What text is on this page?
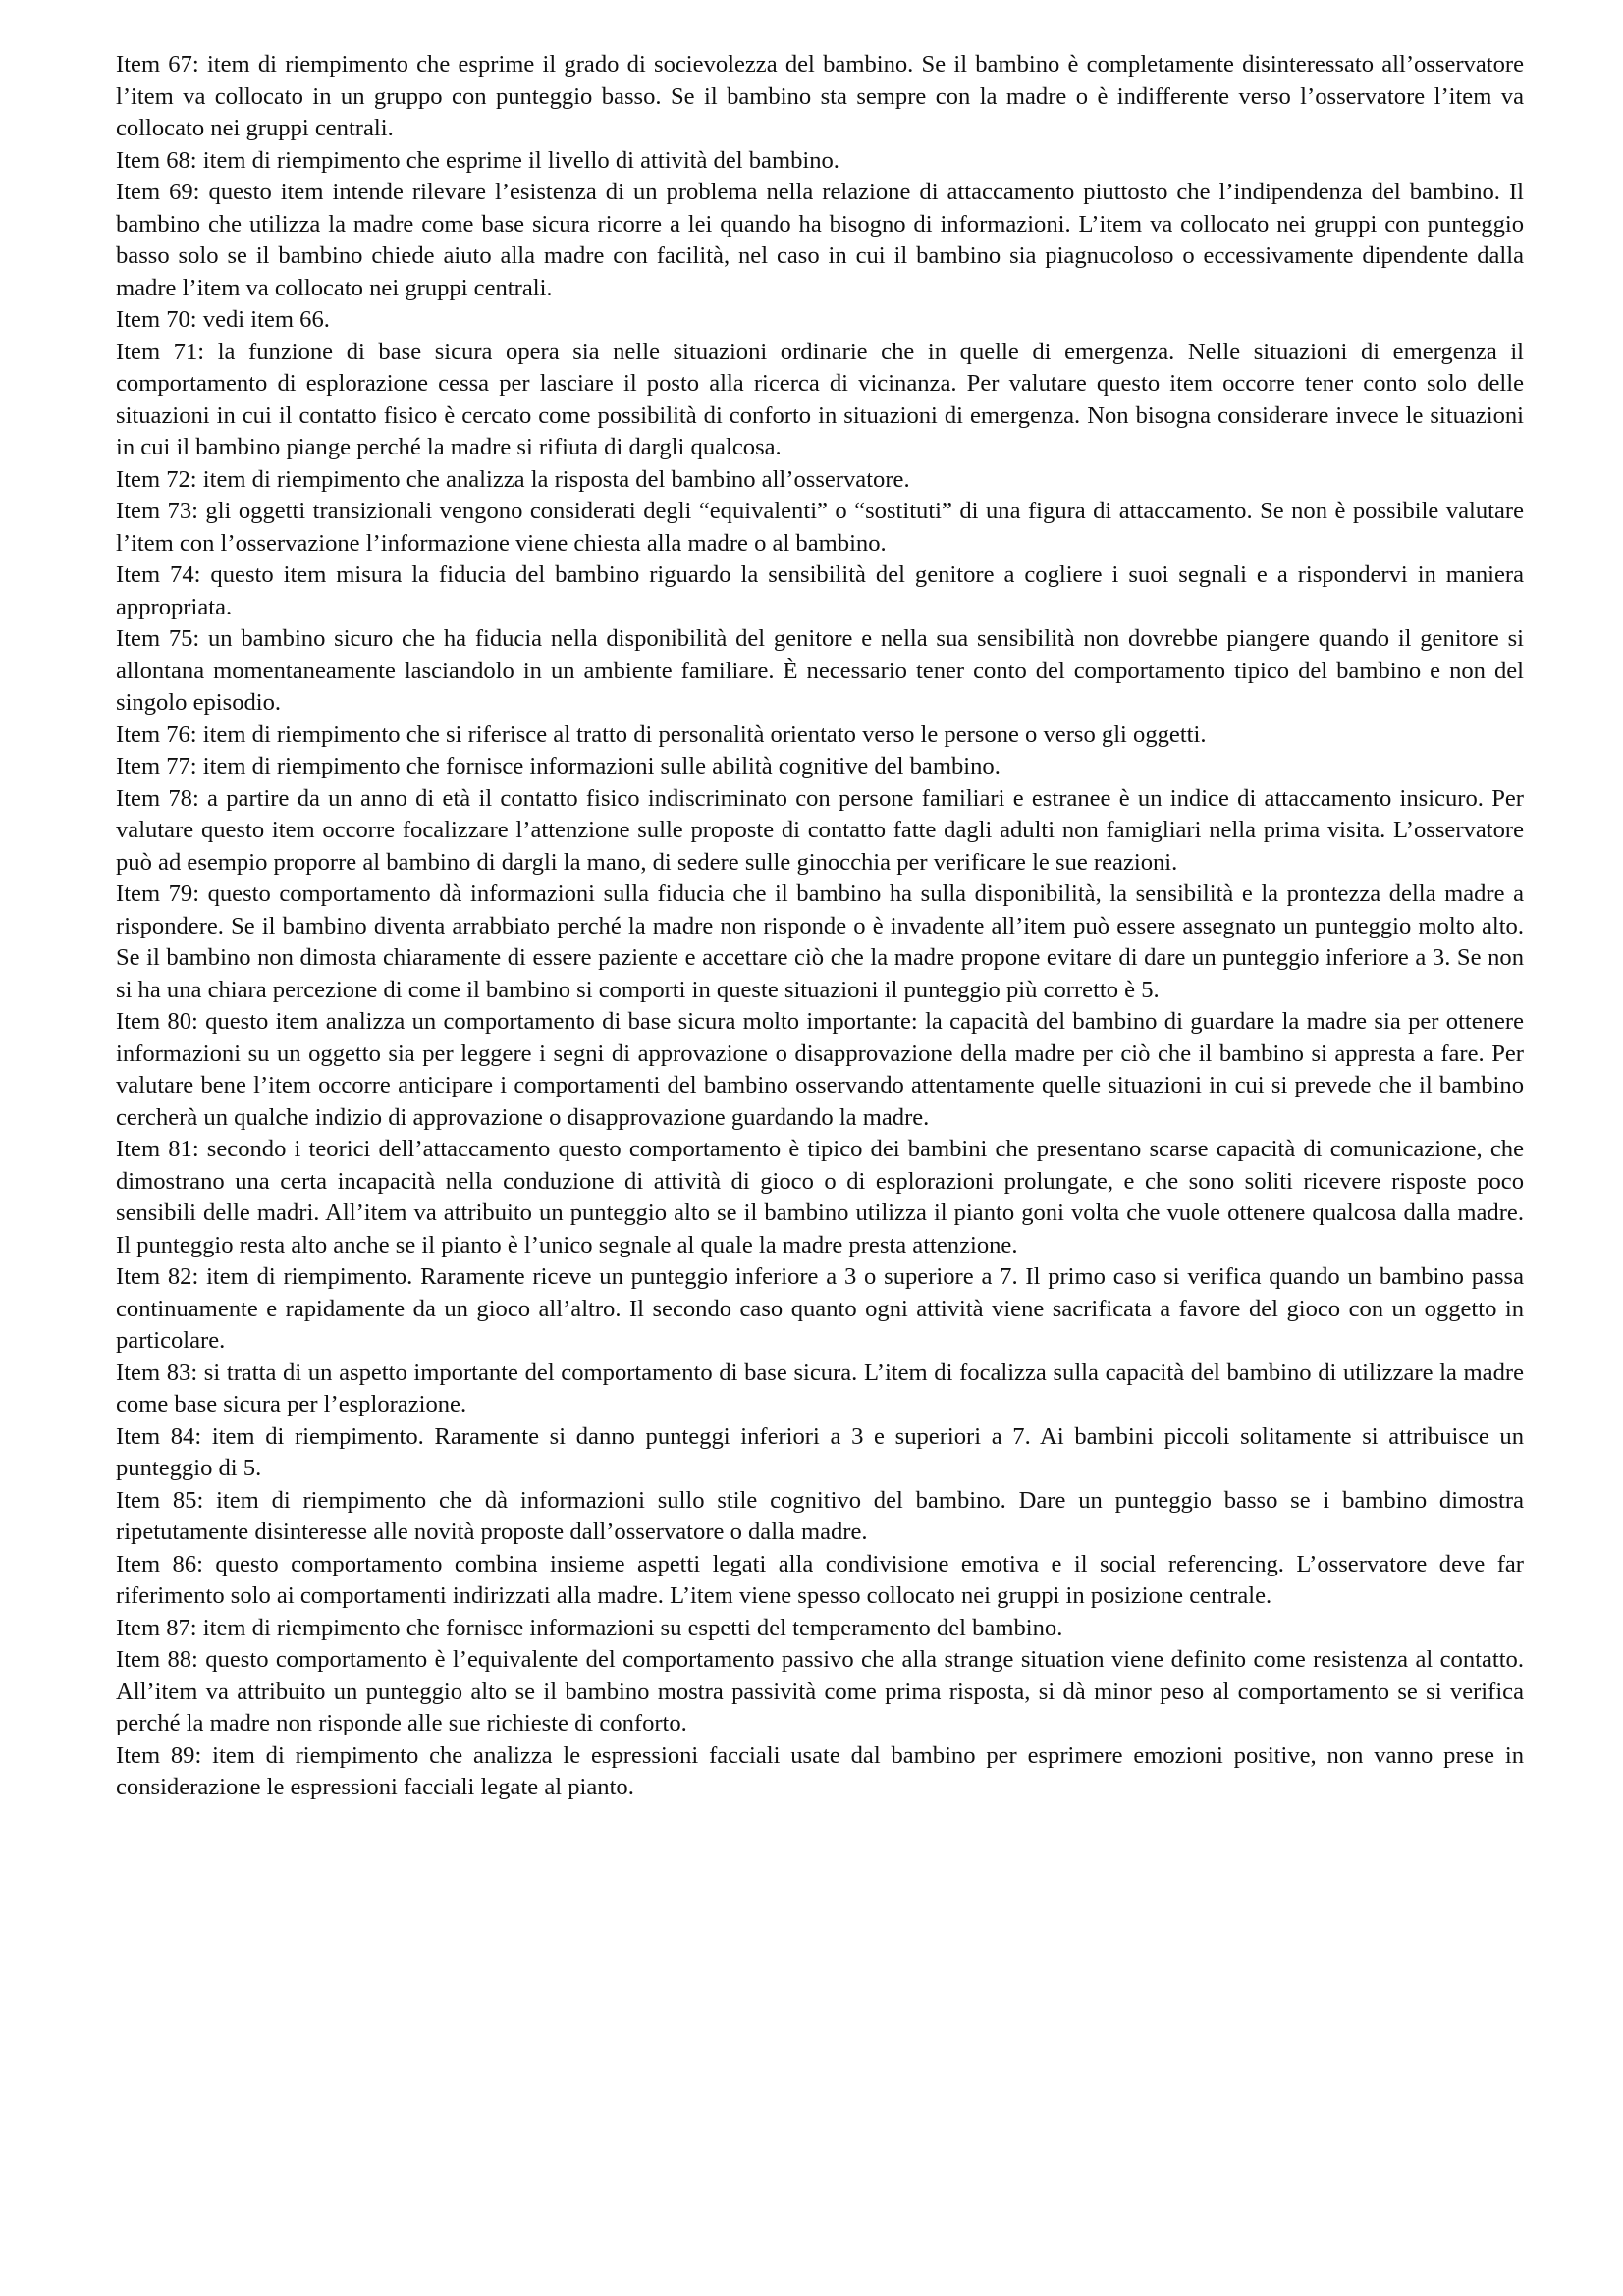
Item 67: item di riempimento che esprime il grado di socievolezza del bambino. Se il bambino è completamente disinteressato all’osservatore l’item va collocato in un gruppo con punteggio basso. Se il bambino sta sempre con la madre o è indifferente verso l’osservatore l’item va collocato nei gruppi centrali.

Item 68: item di riempimento che esprime il livello di attività del bambino.

Item 69: questo item intende rilevare l’esistenza di un problema nella relazione di attaccamento piuttosto che l’indipendenza del bambino. Il bambino che utilizza la madre come base sicura ricorre a lei quando ha bisogno di informazioni. L’item va collocato nei gruppi con punteggio basso solo se il bambino chiede aiuto alla madre con facilità, nel caso in cui il bambino sia piagnucoloso o eccessivamente dipendente dalla madre l’item va collocato nei gruppi centrali.

Item 70: vedi item 66.

Item 71: la funzione di base sicura opera sia nelle situazioni ordinarie che in quelle di emergenza. Nelle situazioni di emergenza il comportamento di esplorazione cessa per lasciare il posto alla ricerca di vicinanza. Per valutare questo item occorre tener conto solo delle situazioni in cui il contatto fisico è cercato come possibilità di conforto in situazioni di emergenza. Non bisogna considerare invece le situazioni in cui il bambino piange perché la madre si rifiuta di dargli qualcosa.

Item 72: item di riempimento che analizza la risposta del bambino all’osservatore.

Item 73: gli oggetti transizionali vengono considerati degli “equivalenti” o “sostituti” di una figura di attaccamento. Se non è possibile valutare l’item con l’osservazione l’informazione viene chiesta alla madre o al bambino.

Item 74: questo item misura la fiducia del bambino riguardo la sensibilità del genitore a cogliere i suoi segnali e a rispondervi in maniera appropriata.

Item 75: un bambino sicuro che ha fiducia nella disponibilità del genitore e nella sua sensibilità non dovrebbe piangere quando il genitore si allontana momentaneamente lasciandolo in un ambiente familiare. È necessario tener conto del comportamento tipico del bambino e non del singolo episodio.

Item 76: item di riempimento che si riferisce al tratto di personalità orientato verso le persone o verso gli oggetti.

Item 77: item di riempimento che fornisce informazioni sulle abilità cognitive del bambino.

Item 78: a partire da un anno di età il contatto fisico indiscriminato con persone familiari e estranee è un indice di attaccamento insicuro. Per valutare questo item occorre focalizzare l’attenzione sulle proposte di contatto fatte dagli adulti non famigliari nella prima visita. L’osservatore può ad esempio proporre al bambino di dargli la mano, di sedere sulle ginocchia per verificare le sue reazioni.

Item 79: questo comportamento dà informazioni sulla fiducia che il bambino ha sulla disponibilità, la sensibilità e la prontezza della madre a rispondere. Se il bambino diventa arrabbiato perché la madre non risponde o è invadente all’item può essere assegnato un punteggio molto alto. Se il bambino non dimosta chiaramente di essere paziente e accettare ciò che la madre propone evitare di dare un punteggio inferiore a 3. Se non si ha una chiara percezione di come il bambino si comporti in queste situazioni il punteggio più corretto è 5.

Item 80: questo item analizza un comportamento di base sicura molto importante: la capacità del bambino di guardare la madre sia per ottenere informazioni su un oggetto sia per leggere i segni di approvazione o disapprovazione della madre per ciò che il bambino si appresta a fare. Per valutare bene l’item occorre anticipare i comportamenti del bambino osservando attentamente quelle situazioni in cui si prevede che il bambino cercherà un qualche indizio di approvazione o disapprovazione guardando la madre.

Item 81: secondo i teorici dell’attaccamento questo comportamento è tipico dei bambini che presentano scarse capacità di comunicazione, che dimostrano una certa incapacità nella conduzione di attività di gioco o di esplorazioni prolungate, e che sono soliti ricevere risposte poco sensibili delle madri. All’item va attribuito un punteggio alto se il bambino utilizza il pianto goni volta che vuole ottenere qualcosa dalla madre. Il punteggio resta alto anche se il pianto è l’unico segnale al quale la madre presta attenzione.

Item 82: item di riempimento. Raramente riceve un punteggio inferiore a 3 o superiore a 7. Il primo caso si verifica quando un bambino passa continuamente e rapidamente da un gioco all’altro. Il secondo caso quanto ogni attività viene sacrificata a favore del gioco con un oggetto in particolare.

Item 83: si tratta di un aspetto importante del comportamento di base sicura. L’item di focalizza sulla capacità del bambino di utilizzare la madre come base sicura per l’esplorazione.

Item 84: item di riempimento. Raramente si danno punteggi inferiori a 3 e superiori a 7. Ai bambini piccoli solitamente si attribuisce un punteggio di 5.

Item 85: item di riempimento che dà informazioni sullo stile cognitivo del bambino. Dare un punteggio basso se i bambino dimostra ripetutamente disinteresse alle novità proposte dall’osservatore o dalla madre.

Item 86: questo comportamento combina insieme aspetti legati alla condivisione emotiva e il social referencing. L’osservatore deve far riferimento solo ai comportamenti indirizzati alla madre. L’item viene spesso collocato nei gruppi in posizione centrale.

Item 87: item di riempimento che fornisce informazioni su espetti del temperamento del bambino.

Item 88: questo comportamento è l’equivalente del comportamento passivo che alla strange situation viene definito come resistenza al contatto. All’item va attribuito un punteggio alto se il bambino mostra passività come prima risposta, si dà minor peso al comportamento se si verifica perché la madre non risponde alle sue richieste di conforto.

Item 89: item di riempimento che analizza le espressioni facciali usate dal bambino per esprimere emozioni positive, non vanno prese in considerazione le espressioni facciali legate al pianto.
